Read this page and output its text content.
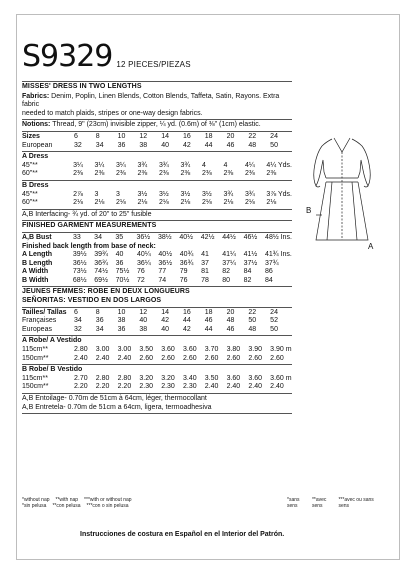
S9329 12 PIECES/PIEZAS
MISSES' DRESS IN TWO LENGTHS
Fabrics: Denim, Poplin, Linen Blends, Cotton Blends, Taffeta, Satin, Rayons. Extra fabric
needed to match plaids, stripes or one-way design fabrics.
Notions: Thread, 9" (23cm) invisible zipper, ¼ yd. (0.6m) of ⅜" (1cm) elastic.
Sizes	6	8	10	12	14	16	18	20	22	24
European	32	34	36	38	40	42	44	46	48	50
A Dress
45"**	3¼	3¼	3¼	3¾	3¾	3¾	4	4	4¼	4¼ Yds.
60"**	2⅜	2⅜	2⅜	2⅜	2⅜	2⅜	2⅜	2⅜	2⅜	2⅜
B Dress
45"**	2⅞	3	3	3½	3½	3½	3½	3¾	3¾	3⅞ Yds.
60"**	2⅛	2⅛	2⅛	2⅛	2⅛	2⅛	2⅛	2⅛	2⅛	2⅛
A,B Interfacing- ¾ yd. of 20" to 25" fusible
FINISHED GARMENT MEASUREMENTS
A,B Bust	33	34	35	36½	38½	40½	42½	44½	46½	48½ Ins.
Finished back length from base of neck:
A Length	39½	39¾	40	40¼	40½	40¾	41	41¼	41½	41¾ Ins.
B Length	36½	36¾	36	36¼	36½	36¾	37	37¼	37½	37¾
A Width	73½	74½	75½	76	77	79	81	82	84	86
B Width	68½	69½	70½	72	74	76	78	80	82	84
JEUNES FEMMES: ROBE EN DEUX LONGUEURS
SEÑORITAS: VESTIDO EN DOS LARGOS
Tailles/ Tallas	6	8	10	12	14	16	18	20	22	24
Françaises	34	36	38	40	42	44	46	48	50	52
Europeas	32	34	36	38	40	42	44	46	48	50
A Robe/ A Vestido
115cm**	2.80	3.00	3.00	3.50	3.60	3.60	3.70	3.80	3.90	3.90 m
150cm**	2.40	2.40	2.40	2.60	2.60	2.60	2.60	2.60	2.60	2.60
B Robe/ B Vestido
115cm**	2.70	2.80	2.80	3.20	3.20	3.40	3.50	3.60	3.60	3.60 m
150cm**	2.20	2.20	2.20	2.30	2.30	2.30	2.40	2.40	2.40	2.40
A,B Entoilage- 0.70m de 51cm à 64cm, léger, thermocollant
A,B Entretela- 0.70m de 51cm a 64cm, ligera, termoadhesiva
B
A
*without nap **with nap ***with or without nap
*sin pelusa **con pelusa ***con o sin pelusa
*sans sens
**avec sens
***avec ou sans sens
Instrucciones de costura en Español en el Interior del Patrón.
